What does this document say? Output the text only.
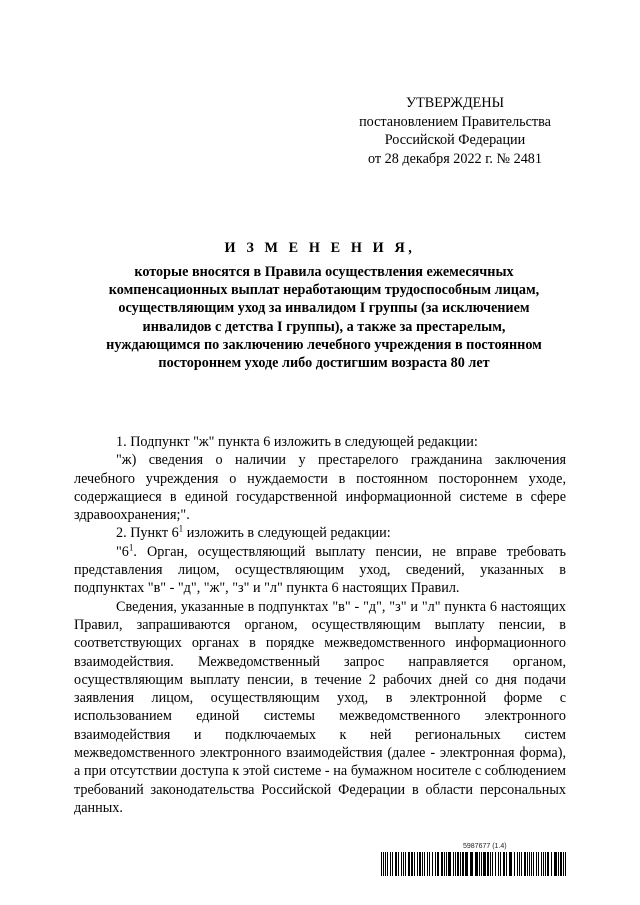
УТВЕРЖДЕНЫ
постановлением Правительства
Российской Федерации
от 28 декабря 2022 г. № 2481
И З М Е Н Е Н И Я,
которые вносятся в Правила осуществления ежемесячных
компенсационных выплат неработающим трудоспособным лицам,
осуществляющим уход за инвалидом I группы (за исключением
инвалидов с детства I группы), а также за престарелым,
нуждающимся по заключению лечебного учреждения в постоянном
постороннем уходе либо достигшим возраста 80 лет

1. Подпункт "ж" пункта 6 изложить в следующей редакции:

"ж) сведения о наличии у престарелого гражданина заключения лечебного учреждения о нуждаемости в постоянном постороннем уходе, содержащиеся в единой государственной информационной системе в сфере здравоохранения;".

2. Пункт $6^1$ изложить в следующей редакции:

"$6^1$. Орган, осуществляющий выплату пенсии, не вправе требовать представления лицом, осуществляющим уход, сведений, указанных в подпунктах "в" - "д", "ж", "з" и "л" пункта 6 настоящих Правил.

Сведения, указанные в подпунктах "в" - "д", "з" и "л" пункта 6 настоящих Правил, запрашиваются органом, осуществляющим выплату пенсии, в соответствующих органах в порядке межведомственного информационного взаимодействия. Межведомственный запрос направляется органом, осуществляющим выплату пенсии, в течение 2 рабочих дней со дня подачи заявления лицом, осуществляющим уход, в электронной форме с использованием единой системы межведомственного электронного взаимодействия и подключаемых к ней региональных систем межведомственного электронного взаимодействия (далее - электронная форма), а при отсутствии доступа к этой системе - на бумажном носителе с соблюдением требований законодательства Российской Федерации в области персональных данных.

5987677 (1.4)
